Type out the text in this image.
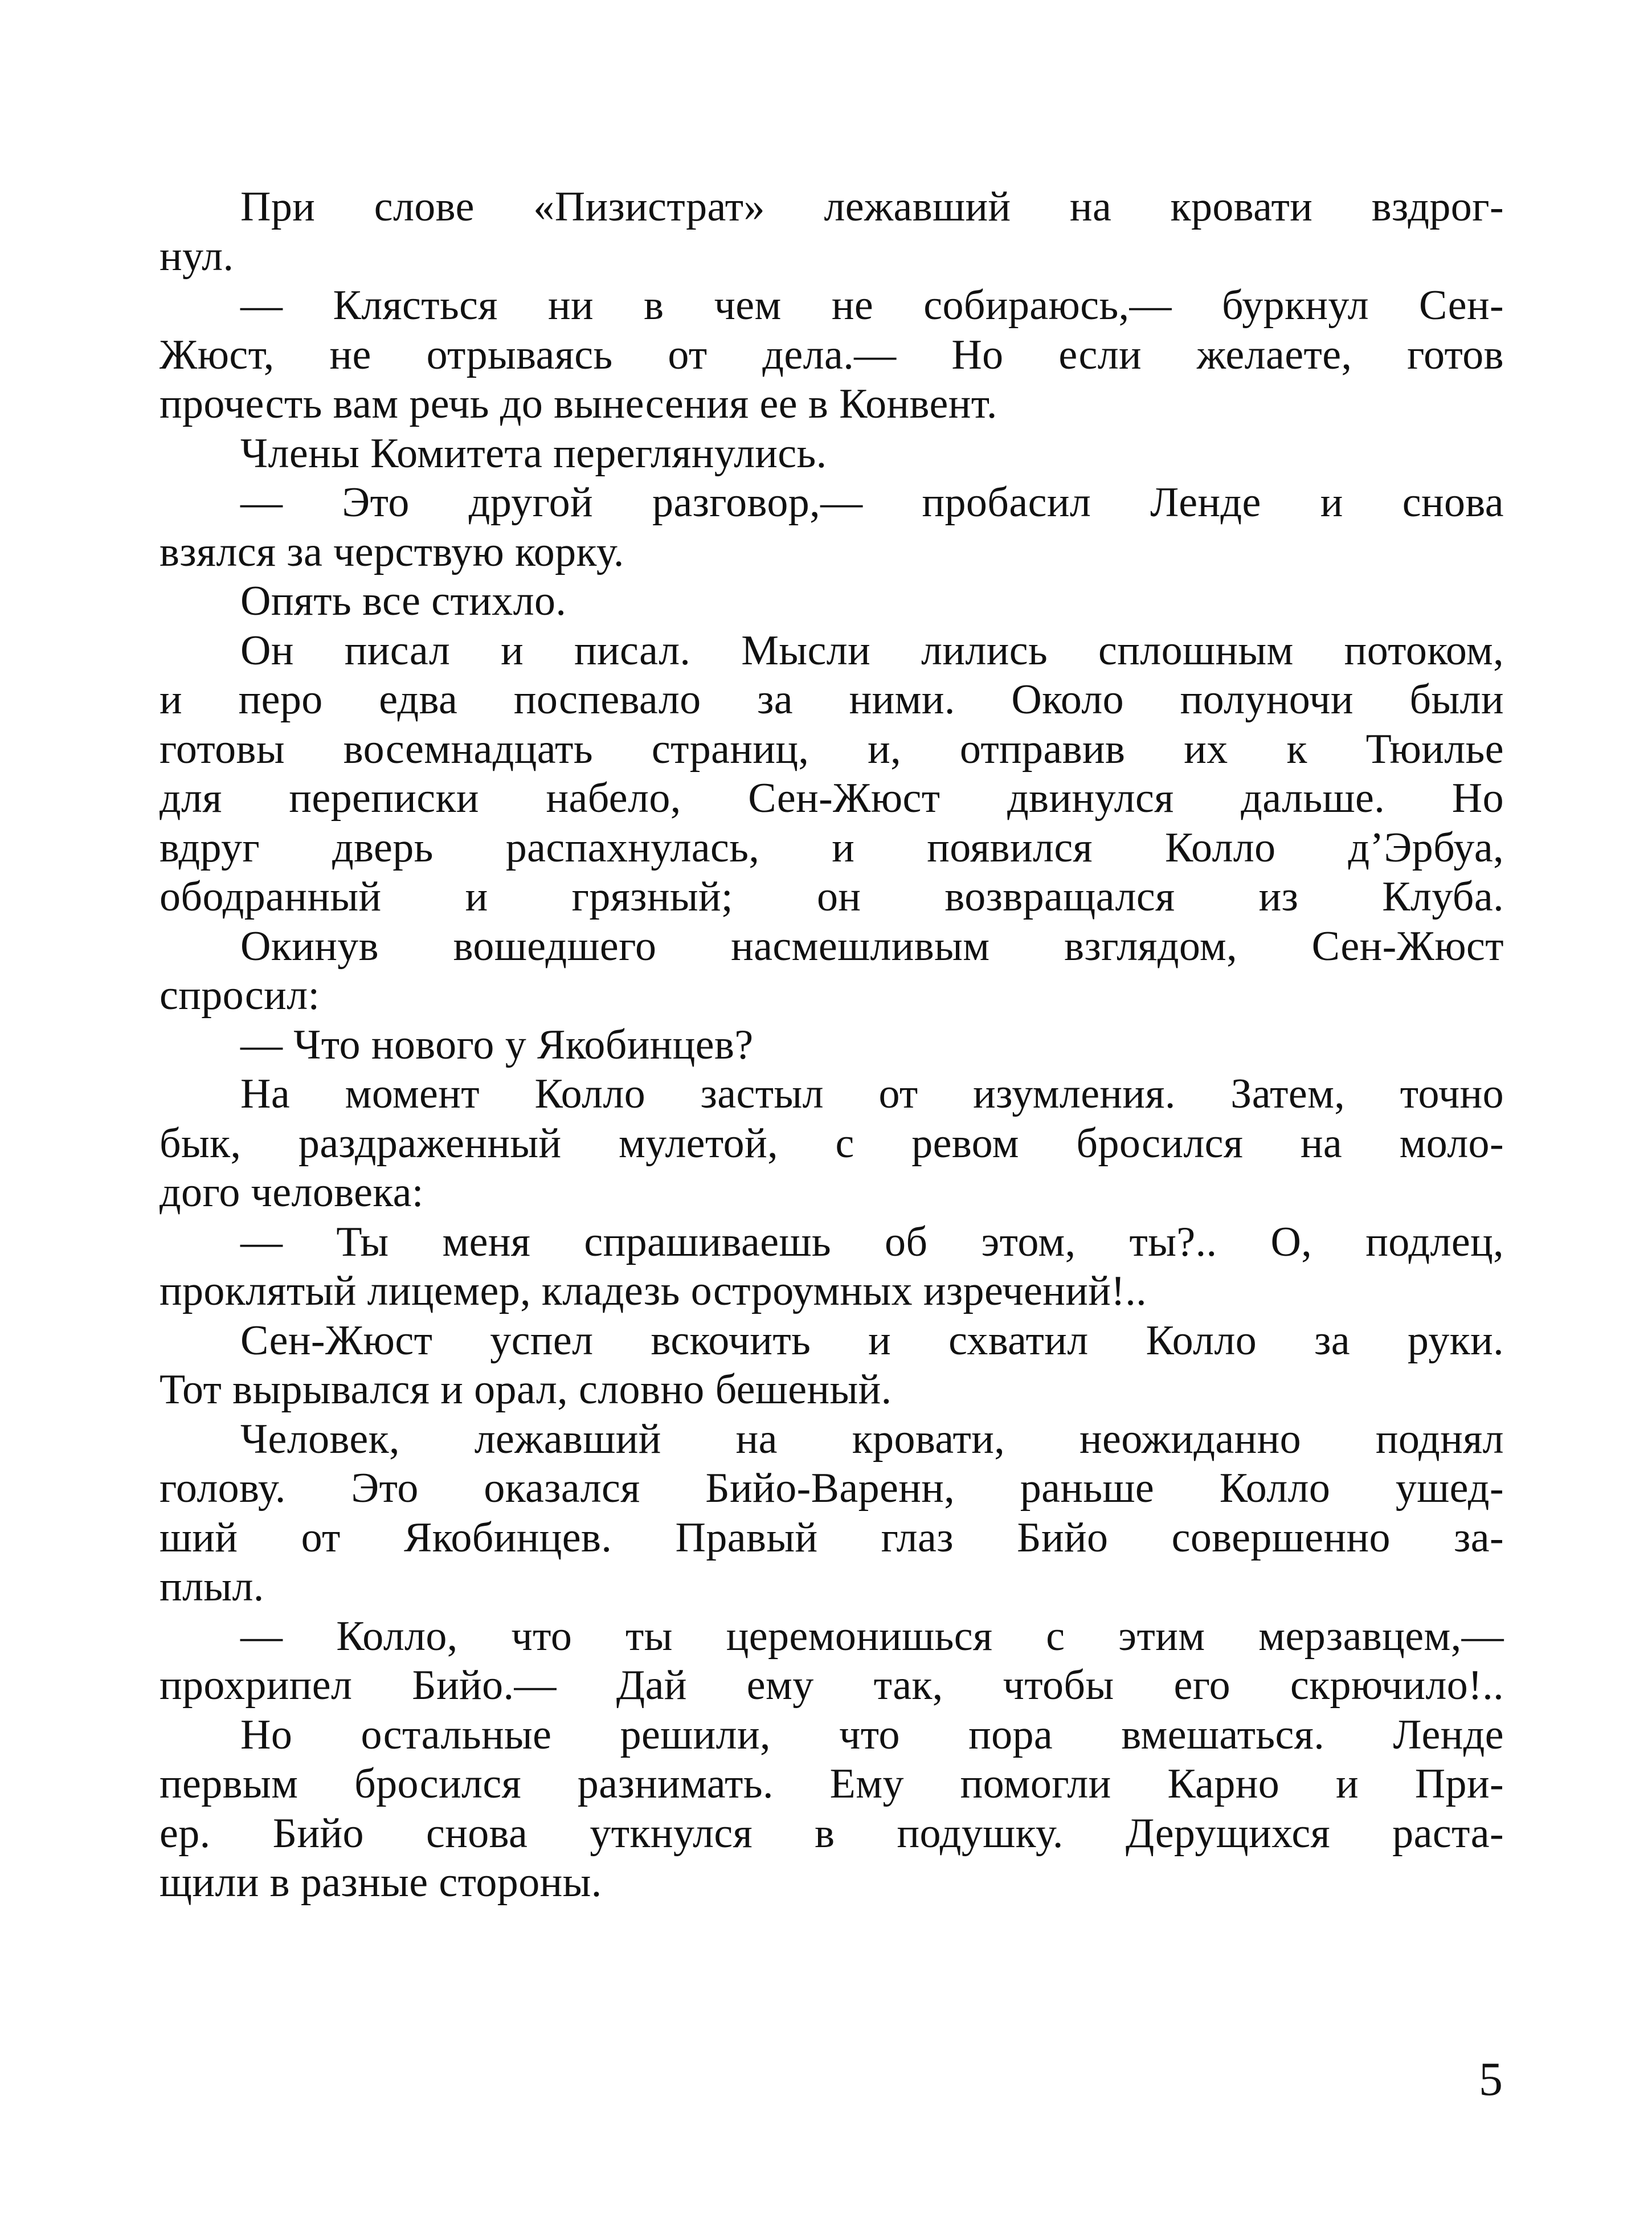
При слове «Пизистрат» лежавший на кровати вздрог-
нул.
— Клясться ни в чем не собираюсь,— буркнул Сен-
Жюст, не отрываясь от дела.— Но если желаете, готов
прочесть вам речь до вынесения ее в Конвент.
Члены Комитета переглянулись.
— Это другой разговор,— пробасил Ленде и снова
взялся за черствую корку.
Опять все стихло.
Он писал и писал. Мысли лились сплошным потоком,
и перо едва поспевало за ними. Около полуночи были
готовы восемнадцать страниц, и, отправив их к Тюилье
для переписки набело, Сен-Жюст двинулся дальше. Но
вдруг дверь распахнулась, и появился Колло д’Эрбуа,
ободранный и грязный; он возвращался из Клуба.
Окинув вошедшего насмешливым взглядом, Сен-Жюст
спросил:
— Что нового у Якобинцев?
На момент Колло застыл от изумления. Затем, точно
бык, раздраженный мулетой, с ревом бросился на моло-
дого человека:
— Ты меня спрашиваешь об этом, ты?.. О, подлец,
проклятый лицемер, кладезь остроумных изречений!..
Сен-Жюст успел вскочить и схватил Колло за руки.
Тот вырывался и орал, словно бешеный.
Человек, лежавший на кровати, неожиданно поднял
голову. Это оказался Бийо-Варенн, раньше Колло ушед-
ший от Якобинцев. Правый глаз Бийо совершенно за-
плыл.
— Колло, что ты церемонишься с этим мерзавцем,—
прохрипел Бийо.— Дай ему так, чтобы его скрючило!..
Но остальные решили, что пора вмешаться. Ленде
первым бросился разнимать. Ему помогли Карно и При-
ер. Бийо снова уткнулся в подушку. Дерущихся раста-
щили в разные стороны.
5
